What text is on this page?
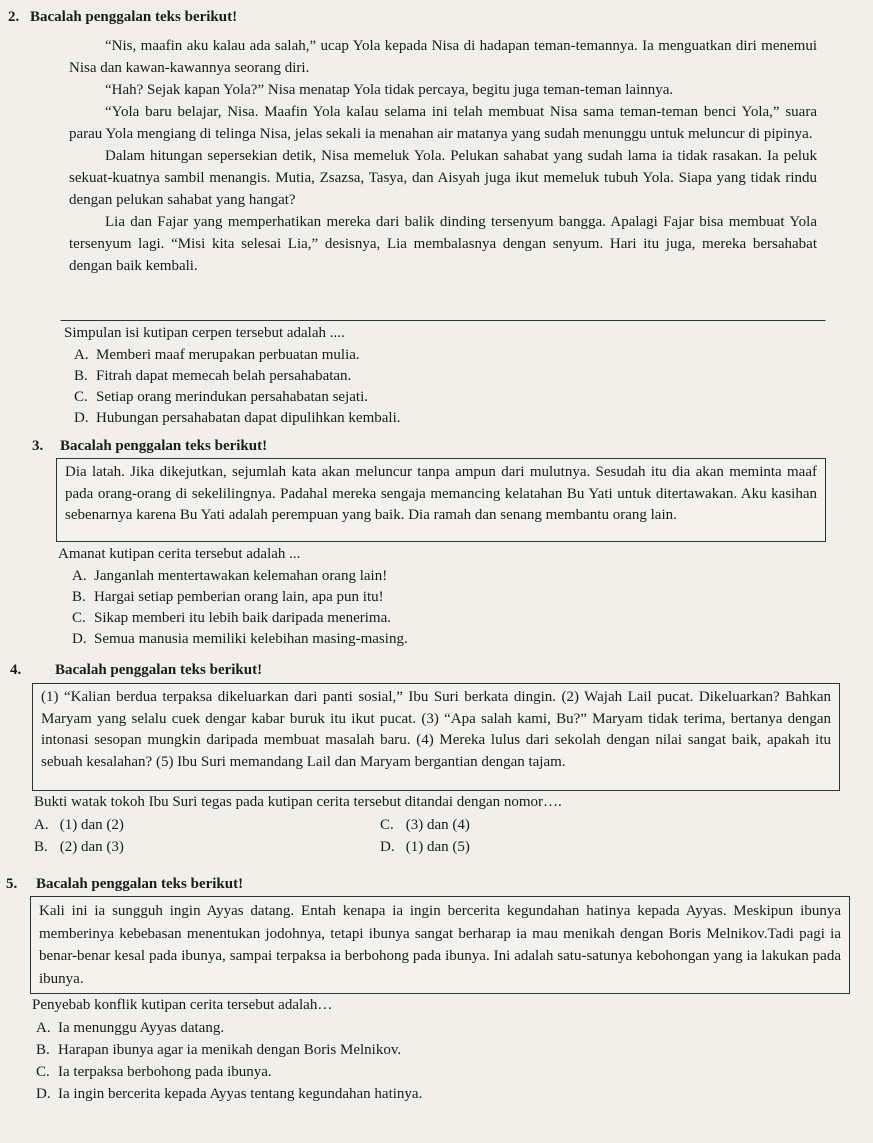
2. Bacalah penggalan teks berikut!

“Nis, maafin aku kalau ada salah,” ucap Yola kepada Nisa di hadapan teman-temannya. Ia menguatkan diri menemui Nisa dan kawan-kawannya seorang diri.

“Hah? Sejak kapan Yola?” Nisa menatap Yola tidak percaya, begitu juga teman-teman lainnya.

“Yola baru belajar, Nisa. Maafin Yola kalau selama ini telah membuat Nisa sama teman-teman benci Yola,” suara parau Yola mengiang di telinga Nisa, jelas sekali ia menahan air matanya yang sudah menunggu untuk meluncur di pipinya.

Dalam hitungan sepersekian detik, Nisa memeluk Yola. Pelukan sahabat yang sudah lama ia tidak rasakan. Ia peluk sekuat-kuatnya sambil menangis. Mutia, Zsazsa, Tasya, dan Aisyah juga ikut memeluk tubuh Yola. Siapa yang tidak rindu dengan pelukan sahabat yang hangat?

Lia dan Fajar yang memperhatikan mereka dari balik dinding tersenyum bangga. Apalagi Fajar bisa membuat Yola tersenyum lagi. “Misi kita selesai Lia,” desisnya, Lia membalasnya dengan senyum. Hari itu juga, mereka bersahabat dengan baik kembali.

Simpulan isi kutipan cerpen tersebut adalah ....
A. Memberi maaf merupakan perbuatan mulia.
B. Fitrah dapat memecah belah persahabatan.
C. Setiap orang merindukan persahabatan sejati.
D. Hubungan persahabatan dapat dipulihkan kembali.
3. Bacalah penggalan teks berikut!

Dia latah. Jika dikejutkan, sejumlah kata akan meluncur tanpa ampun dari mulutnya. Sesudah itu dia akan meminta maaf pada orang-orang di sekelilingnya. Padahal mereka sengaja memancing kelatahan Bu Yati untuk ditertawakan. Aku kasihan sebenarnya karena Bu Yati adalah perempuan yang baik. Dia ramah dan senang membantu orang lain.

Amanat kutipan cerita tersebut adalah ...
A. Janganlah mentertawakan kelemahan orang lain!
B. Hargai setiap pemberian orang lain, apa pun itu!
C. Sikap memberi itu lebih baik daripada menerima.
D. Semua manusia memiliki kelebihan masing-masing.
4. Bacalah penggalan teks berikut!

(1) “Kalian berdua terpaksa dikeluarkan dari panti sosial,” Ibu Suri berkata dingin. (2) Wajah Lail pucat. Dikeluarkan? Bahkan Maryam yang selalu cuek dengar kabar buruk itu ikut pucat. (3) “Apa salah kami, Bu?” Maryam tidak terima, bertanya dengan intonasi sesopan mungkin daripada membuat masalah baru. (4) Mereka lulus dari sekolah dengan nilai sangat baik, apakah itu sebuah kesalahan? (5) Ibu Suri memandang Lail dan Maryam bergantian dengan tajam.

Bukti watak tokoh Ibu Suri tegas pada kutipan cerita tersebut ditandai dengan nomor….
A. (1) dan (2)	C. (3) dan (4)
B. (2) dan (3)	D. (1) dan (5)
5. Bacalah penggalan teks berikut!

Kali ini ia sungguh ingin Ayyas datang. Entah kenapa ia ingin bercerita kegundahan hatinya kepada Ayyas. Meskipun ibunya memberinya kebebasan menentukan jodohnya, tetapi ibunya sangat berharap ia mau menikah dengan Boris Melnikov.Tadi pagi ia benar-benar kesal pada ibunya, sampai terpaksa ia berbohong pada ibunya. Ini adalah satu-satunya kebohongan yang ia lakukan pada ibunya.

Penyebab konflik kutipan cerita tersebut adalah…
A. Ia menunggu Ayyas datang.
B. Harapan ibunya agar ia menikah dengan Boris Melnikov.
C. Ia terpaksa berbohong pada ibunya.
D. Ia ingin bercerita kepada Ayyas tentang kegundahan hatinya.
